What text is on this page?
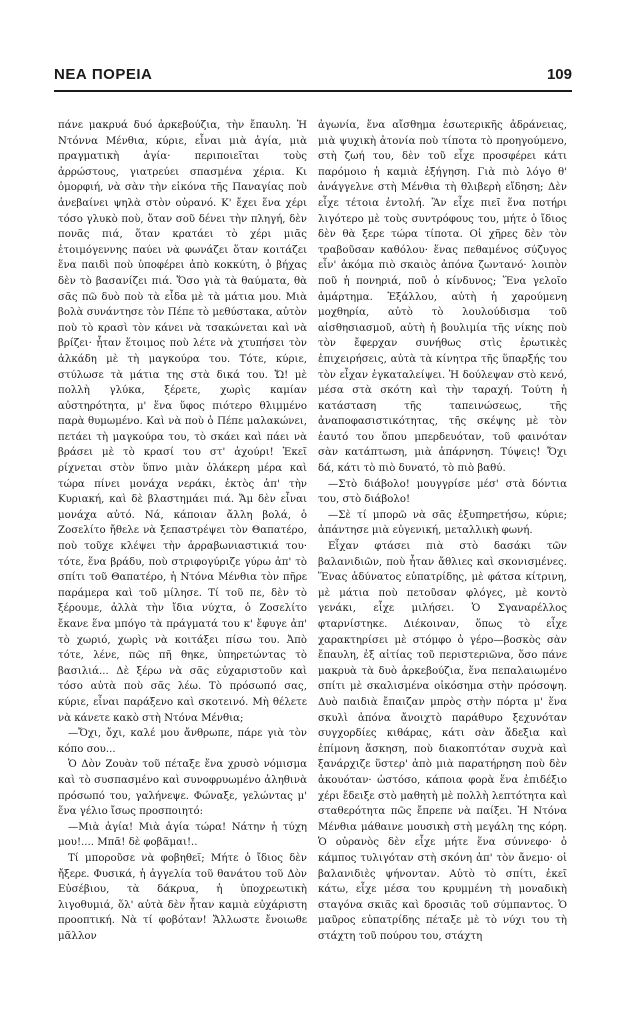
ΝΕΑ ΠΟΡΕΙΑ	109

πάνε μακρυά δυό ἀρκεβούζια, τὴν ἔπαυλη. Ἡ Ντόννα Μένθια, κύριε, εἶναι μιὰ ἁγία, μιὰ πραγματικὴ ἁγία· περιποιεῖται τοὺς ἀρρώστους, γιατρεύει σπασμένα χέρια. Κι ὀμορφιή, νὰ σὰν τὴν εἰκόνα τῆς Παναγίας ποὺ ἀνεβαίνει ψηλὰ στὸν οὐρανό. Κ' ἔχει ἕνα χέρι τόσο γλυκὸ ποὺ, ὅταν σοῦ δένει τὴν πληγή, δὲν πονᾶς πιά, ὅταν κρατάει τὸ χέρι μιᾶς ἑτοιμόγεννης παύει νὰ φωνάζει ὅταν κοιτάζει ἕνα παιδὶ ποὺ ὑποφέρει ἀπὸ κοκκύτη, ὁ βήχας δὲν τὸ βασανίζει πιά. Ὅσο γιὰ τὰ θαύματα, θὰ σᾶς πῶ δυὸ ποὺ τὰ εἶδα μὲ τὰ μάτια μου. Μιὰ βολὰ συνάντησε τὸν Πέπε τὸ μεθύστακα, αὐτὸν ποὺ τὸ κρασὶ τὸν κάνει νὰ τσακώνεται καὶ νὰ βρίζει· ἦταν ἕτοιμος ποὺ λέτε νὰ χτυπήσει τὸν ἀλκάδη μὲ τὴ μαγκούρα του. Τότε, κύριε, στύλωσε τὰ μάτια της στὰ δικά του. Ὤ! μὲ πολλὴ γλύκα, ξέρετε, χωρὶς καμίαν αὐστηρότητα, μ' ἕνα ὕφος πιότερο θλιμμένο παρὰ θυμωμένο. Καὶ νὰ ποὺ ὁ Πέπε μαλακώνει, πετάει τὴ μαγκούρα του, τὸ σκάει καὶ πάει νὰ βράσει μὲ τὸ κρασί του στ' ἀχούρι! Ἐκεῖ ρίχνεται στὸν ὕπνο μιὰν ὁλάκερη μέρα καὶ τώρα πίνει μονάχα νεράκι, ἐκτὸς ἀπ' τὴν Κυριακή, καὶ δὲ βλαστημάει πιά. Ἄμ δὲν εἶναι μονάχα αὐτό. Νά, κάποιαν ἄλλη βολά, ὁ Ζοσελίτο ἤθελε νὰ ξεπαστρέψει τὸν Θαπατέρο, ποὺ τοῦχε κλέψει τὴν ἀρραβωνιαστικιά του· τότε, ἕνα βράδυ, ποὺ στριφογύριζε γύρω ἀπ' τὸ σπίτι τοῦ Θαπατέρο, ἡ Ντόνα Μένθια τὸν πῆρε παράμερα καὶ τοῦ μίλησε. Τί τοῦ πε, δὲν τὸ ξέρουμε, ἀλλὰ τὴν ἴδια νύχτα, ὁ Ζοσελίτο ἔκανε ἕνα μπόγο τὰ πράγματά του κ' ἔφυγε ἀπ' τὸ χωριό, χωρὶς νὰ κοιτάξει πίσω του. Ἀπὸ τότε, λένε, πῶς πῆ θηκε, ὑπηρετώντας τὸ βασιλιά... Δὲ ξέρω νὰ σᾶς εὐχαριστοῦν καὶ τόσο αὐτὰ ποὺ σᾶς λέω. Τὸ πρόσωπό σας, κύριε, εἶναι παράξενο καὶ σκοτεινό. Μὴ θέλετε νὰ κάνετε κακὸ στὴ Ντόνα Μένθια;

—Ὄχι, ὄχι, καλέ μου ἄνθρωπε, πάρε γιὰ τὸν κόπο σου...

Ὁ Δὸν Ζουὰν τοῦ πέταξε ἕνα χρυσὸ νόμισμα καὶ τὸ συσπασμένο καὶ συνοφρυωμένο ἀληθινὰ πρόσωπό του, γαλήνεψε. Φώναξε, γελώντας μ' ἕνα γέλιο ἴσως προσποιητό:

—Μιὰ ἁγία! Μιὰ ἁγία τώρα! Νάτην ἡ τύχη μου!.... Μπᾶ! δὲ φοβᾶμαι!..

Τί μποροῦσε νὰ φοβηθεῖ; Μήτε ὁ ἴδιος δὲν ἤξερε. Φυσικά, ἡ ἀγγελία τοῦ θανάτου τοῦ Δὸν Εὐσέβιου, τὰ δάκρυα, ἡ ὑποχρεωτικὴ λιγοθυμιά, ὅλ' αὐτὰ δὲν ἦταν καμιὰ εὐχάριστη προοπτική. Νὰ τί φοβόταν! Ἄλλωστε ἔνοιωθε μᾶλλον

ἀγωνία, ἕνα αἴσθημα ἐσωτερικῆς ἀδράνειας, μιὰ ψυχικὴ ἀτονία ποὺ τίποτα τὸ προηγούμενο, στὴ ζωή του, δὲν τοῦ εἶχε προσφέρει κάτι παρόμοιο ἡ καμιὰ ἐξήγηση. Γιὰ πιὸ λόγο θ' ἀνάγγελνε στὴ Μένθια τὴ θλιβερὴ εἴδηση; Δὲν εἶχε τέτοια ἐντολή. Ἂν εἶχε πιεῖ ἕνα ποτήρι λιγότερο μὲ τοὺς συντρόφους του, μήτε ὁ ἴδιος δὲν θὰ ξερε τώρα τίποτα. Οἱ χῆρες δὲν τὸν τραβοῦσαν καθόλου· ἕνας πεθαμένος σύζυγος εἶν' ἀκόμα πιὸ σκαιὸς ἀπόνα ζωντανό· λοιπὸν ποῦ ἡ πονηριά, ποῦ ὁ κίνδυνος; Ἕνα γελοῖο ἁμάρτημα. Ἐξάλλου, αὐτὴ ἡ χαρούμενη μοχθηρία, αὐτὸ τὸ λουλούδισμα τοῦ αἰσθησιασμοῦ, αὐτὴ ἡ βουλιμία τῆς νίκης ποὺ τὸν ἔφερχαν συνήθως στὶς ἐρωτικὲς ἐπιχειρήσεις, αὐτὰ τὰ κίνητρα τῆς ὕπαρξής του τὸν εἶχαν ἐγκαταλείψει. Ἡ δούλεψαν στὸ κενό, μέσα στὰ σκότη καὶ τὴν ταραχή. Τούτη ἡ κατάσταση τῆς ταπεινώσεως, τῆς ἀναποφασιστικότητας, τῆς σκέψης μὲ τὸν ἑαυτό του ὅπου μπερδευόταν, τοῦ φαινόταν σὰν κατάπτωση, μιὰ ἀπάρνηση. Τύψεις! Ὄχι δά, κάτι τὸ πιὸ δυνατό, τὸ πιὸ βαθύ.

—Στὸ διάβολο! μουγγρίσε μέσ' στὰ δόντια του, στὸ διάβολο!

—Σὲ τί μπορῶ νὰ σᾶς ἐξυπηρετήσω, κύριε; ἀπάντησε μιὰ εὐγενική, μεταλλικὴ φωνή.

Εἶχαν φτάσει πιὰ στὸ δασάκι τῶν βαλανιδιῶν, ποὺ ἦταν ἄθλιες καὶ σκονισμένες. Ἕνας ἀδύνατος εὐπατρίδης, μὲ φάτσα κίτρινη, μὲ μάτια ποὺ πετοῦσαν φλόγες, μὲ κοντὸ γενάκι, εἶχε μιλήσει. Ὁ Σγαναρέλλος φταρνίστηκε. Διέκοιναν, ὅπως τὸ εἶχε χαρακτηρίσει μὲ στόμφο ὁ γέρο—βοσκὸς σὰν ἔπαυλη, ἐξ αἰτίας τοῦ περιστεριῶνα, ὅσο πάνε μακρυὰ τὰ δυὸ ἀρκεβούζια, ἕνα πεπαλαιωμένο σπίτι μὲ σκαλισμένα οἰκόσημα στὴν πρόσοψη. Δυὸ παιδιὰ ἔπαιζαν μπρὸς στὴν πόρτα μ' ἕνα σκυλὶ ἀπόνα ἄνοιχτὸ παράθυρο ξεχυνόταν συγχορδίες κιθάρας, κάτι σὰν ἄδεξια καὶ ἐπίμονη ἄσκηση, ποὺ διακοπτόταν συχνὰ καὶ ξανάρχιζε ὕστερ' ἀπὸ μιὰ παρατήρηση ποὺ δὲν ἀκουόταν· ὡστόσο, κάποια φορὰ ἕνα ἐπιδέξιο χέρι ἔδειξε στὸ μαθητὴ μὲ πολλὴ λεπτότητα καὶ σταθερότητα πῶς ἔπρεπε νὰ παίξει. Ἡ Ντόνα Μένθια μάθαινε μουσικὴ στὴ μεγάλη της κόρη. Ὁ οὐρανὸς δὲν εἶχε μήτε ἕνα σύννεφο· ὁ κάμπος τυλιγόταν στὴ σκόνη ἀπ' τὸν ἄνεμο· οἱ βαλανιδιὲς ψήνονταν. Αὐτὸ τὸ σπίτι, ἐκεῖ κάτω, εἶχε μέσα του κρυμμένη τὴ μοναδικὴ σταγόνα σκιᾶς καὶ δροσιᾶς τοῦ σύμπαντος. Ὁ μαῦρος εὐπατρίδης πέταξε μὲ τὸ νύχι του τὴ στάχτη τοῦ πούρου του, στάχτη
